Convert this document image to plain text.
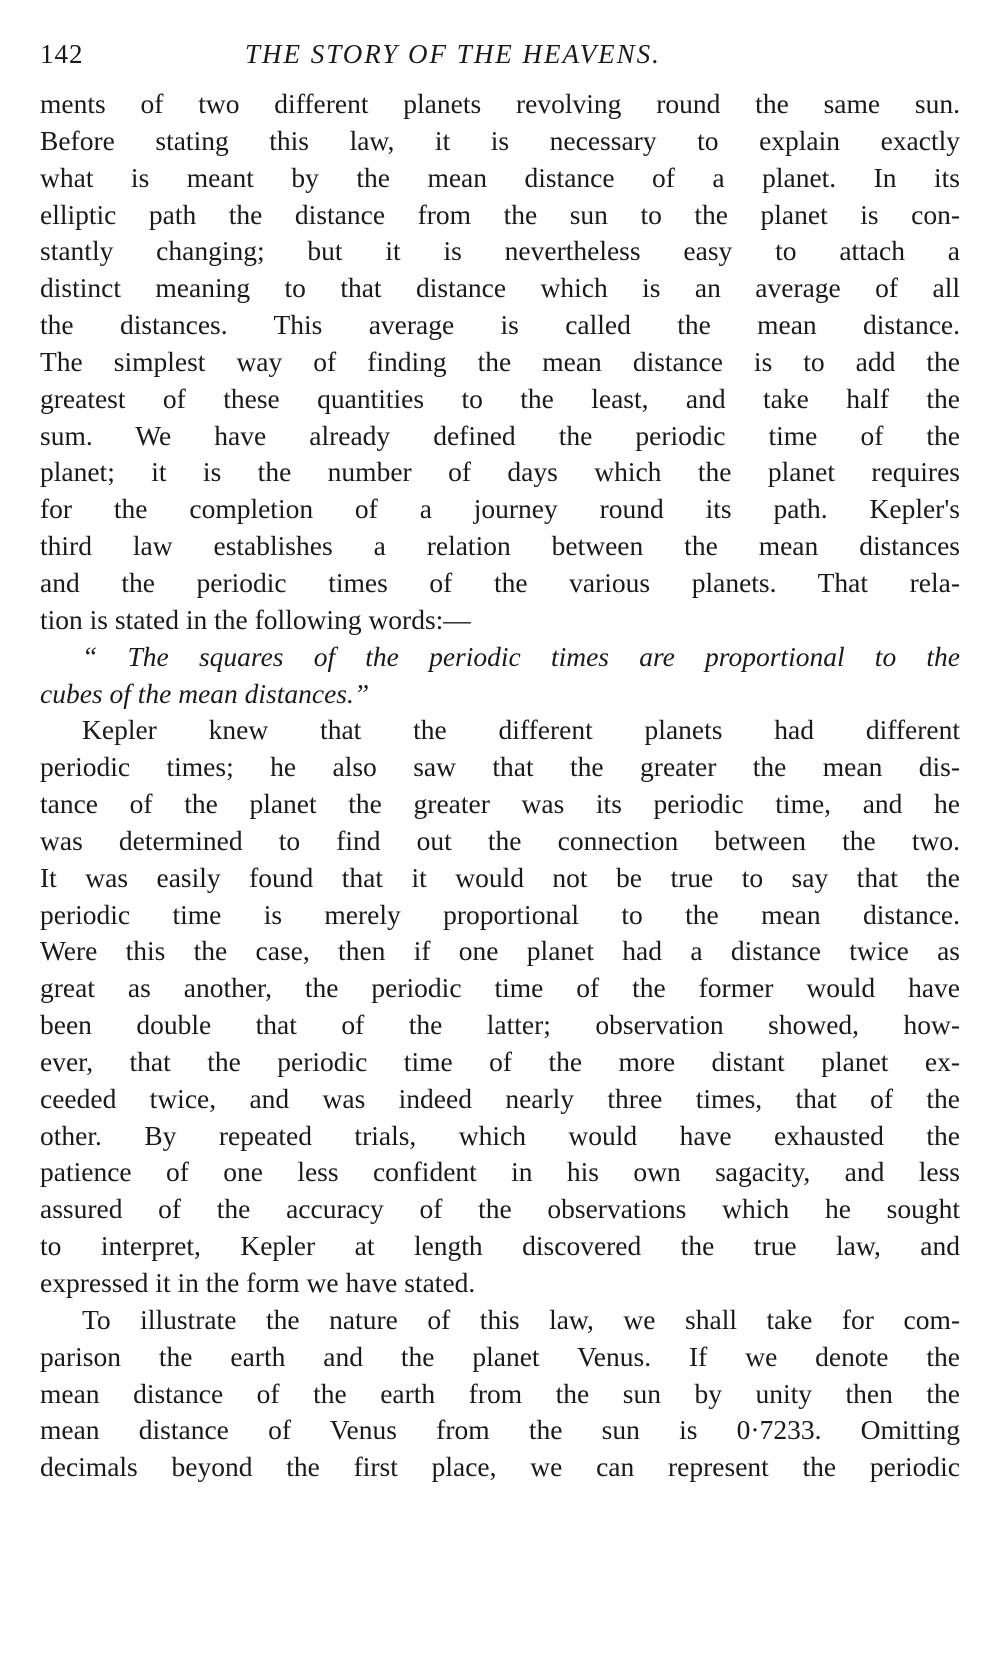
142	THE STORY OF THE HEAVENS.
ments of two different planets revolving round the same sun.
Before stating this law, it is necessary to explain exactly
what is meant by the mean distance of a planet. In its
elliptic path the distance from the sun to the planet is con-
stantly changing; but it is nevertheless easy to attach a
distinct meaning to that distance which is an average of all
the distances. This average is called the mean distance.
The simplest way of finding the mean distance is to add the
greatest of these quantities to the least, and take half the
sum. We have already defined the periodic time of the
planet; it is the number of days which the planet requires
for the completion of a journey round its path. Kepler's
third law establishes a relation between the mean distances
and the periodic times of the various planets. That rela-
tion is stated in the following words:—
“ The squares of the periodic times are proportional to the
cubes of the mean distances.”
Kepler knew that the different planets had different
periodic times; he also saw that the greater the mean dis-
tance of the planet the greater was its periodic time, and he
was determined to find out the connection between the two.
It was easily found that it would not be true to say that the
periodic time is merely proportional to the mean distance.
Were this the case, then if one planet had a distance twice as
great as another, the periodic time of the former would have
been double that of the latter; observation showed, how-
ever, that the periodic time of the more distant planet ex-
ceeded twice, and was indeed nearly three times, that of the
other. By repeated trials, which would have exhausted the
patience of one less confident in his own sagacity, and less
assured of the accuracy of the observations which he sought
to interpret, Kepler at length discovered the true law, and
expressed it in the form we have stated.
To illustrate the nature of this law, we shall take for com-
parison the earth and the planet Venus. If we denote the
mean distance of the earth from the sun by unity then the
mean distance of Venus from the sun is 0·7233. Omitting
decimals beyond the first place, we can represent the periodic
